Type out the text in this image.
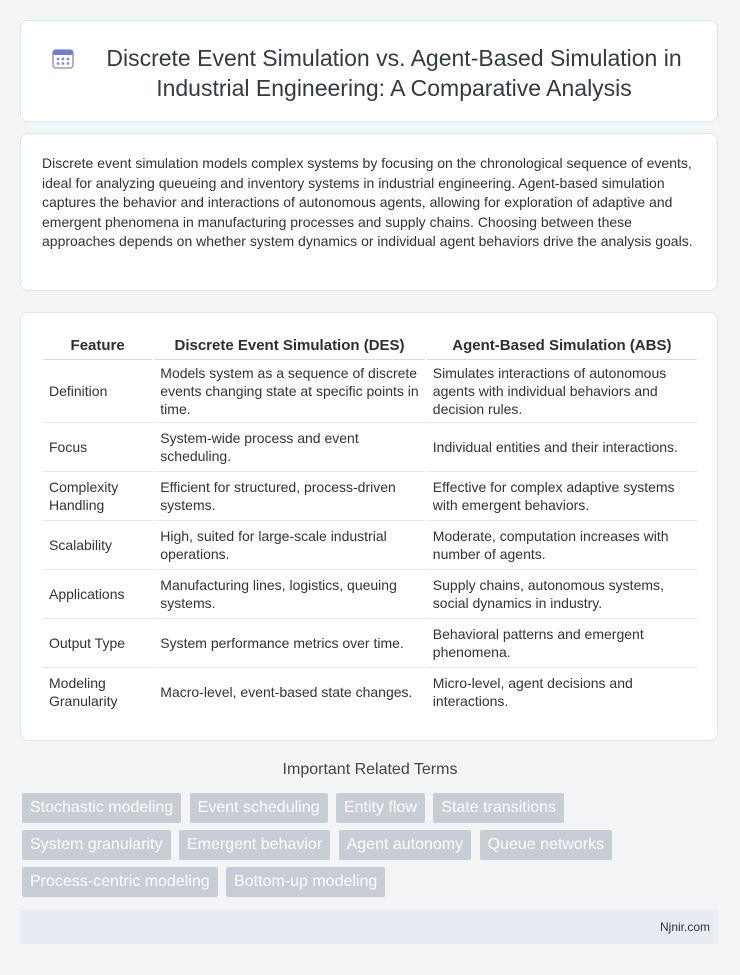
Discrete Event Simulation vs. Agent-Based Simulation in Industrial Engineering: A Comparative Analysis
Discrete event simulation models complex systems by focusing on the chronological sequence of events, ideal for analyzing queueing and inventory systems in industrial engineering. Agent-based simulation captures the behavior and interactions of autonomous agents, allowing for exploration of adaptive and emergent phenomena in manufacturing processes and supply chains. Choosing between these approaches depends on whether system dynamics or individual agent behaviors drive the analysis goals.
Feature	Discrete Event Simulation (DES)	Agent-Based Simulation (ABS)
Definition	Models system as a sequence of discrete events changing state at specific points in time.	Simulates interactions of autonomous agents with individual behaviors and decision rules.
Focus	System-wide process and event scheduling.	Individual entities and their interactions.
Complexity Handling	Efficient for structured, process-driven systems.	Effective for complex adaptive systems with emergent behaviors.
Scalability	High, suited for large-scale industrial operations.	Moderate, computation increases with number of agents.
Applications	Manufacturing lines, logistics, queuing systems.	Supply chains, autonomous systems, social dynamics in industry.
Output Type	System performance metrics over time.	Behavioral patterns and emergent phenomena.
Modeling Granularity	Macro-level, event-based state changes.	Micro-level, agent decisions and interactions.
Important Related Terms
Stochastic modeling Event scheduling Entity flow State transitions System granularity Emergent behavior Agent autonomy Queue networks Process-centric modeling Bottom-up modeling
Njnir.com
